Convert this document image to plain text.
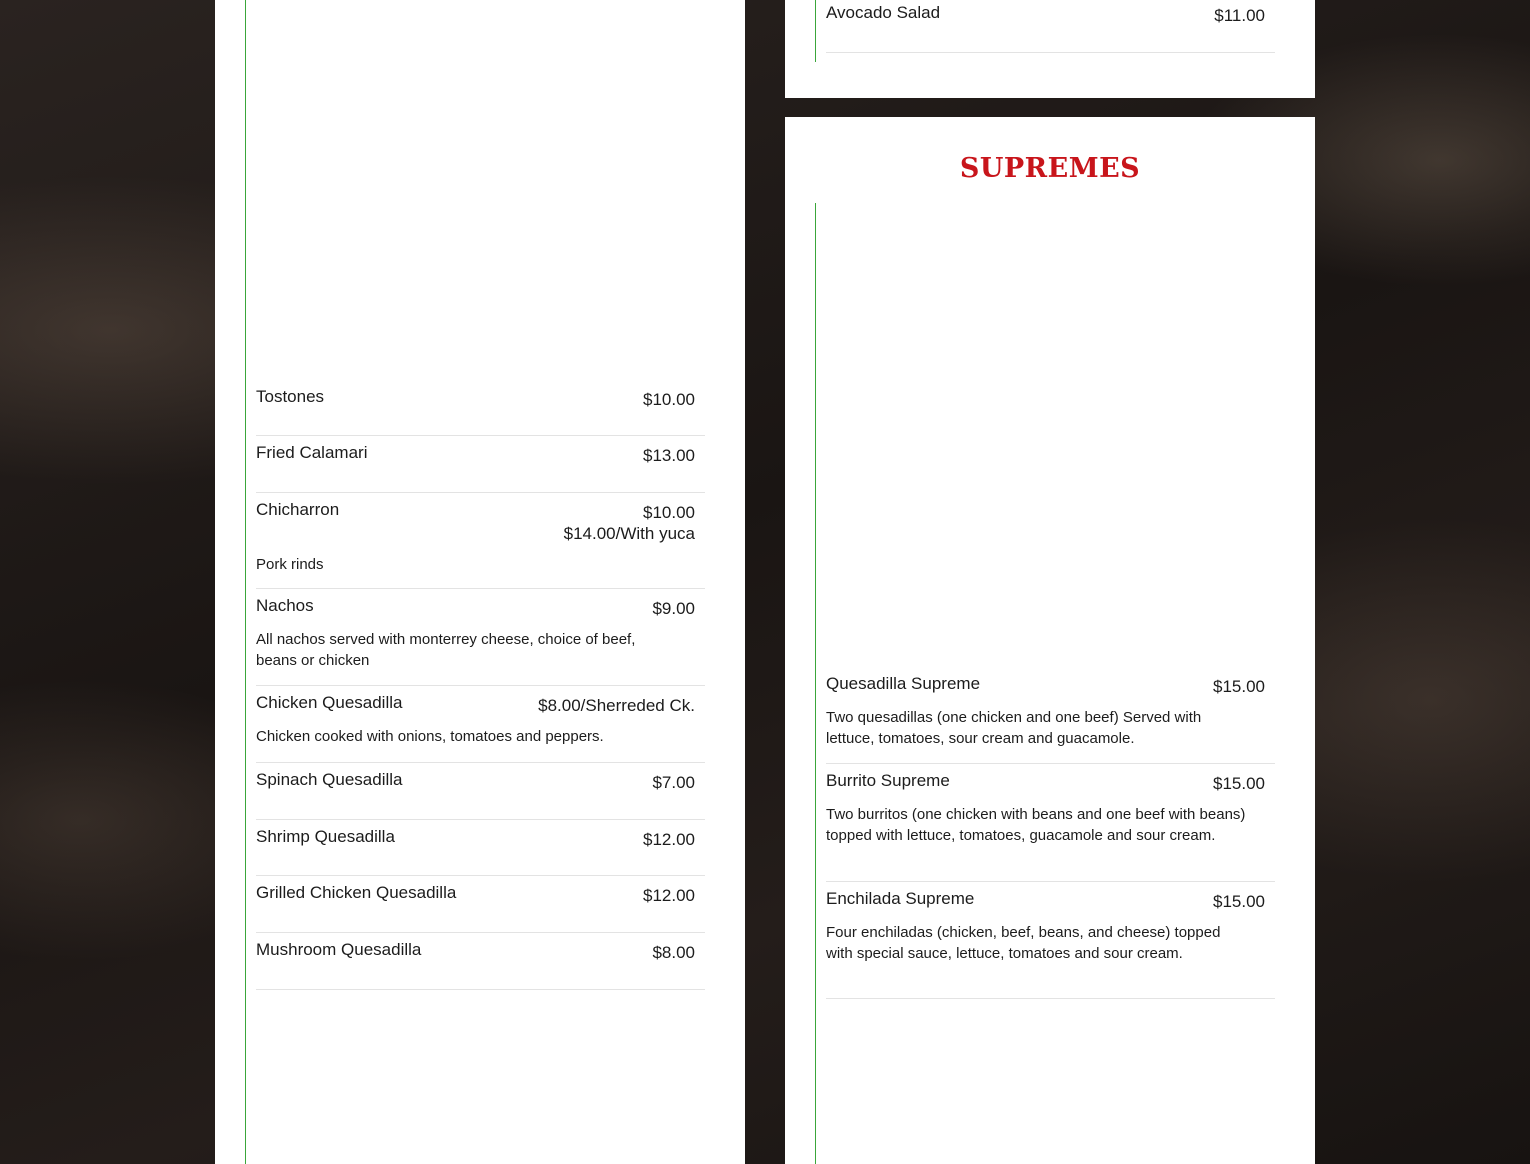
Tostones	$10.00
Fried Calamari	$13.00
Chicharron	$10.00
$14.00/With yuca
Pork rinds
Nachos	$9.00
All nachos served with monterrey cheese, choice of beef, beans or chicken
Chicken Quesadilla	$8.00/Sherreded Ck.
Chicken cooked with onions, tomatoes and peppers.
Spinach Quesadilla	$7.00
Shrimp Quesadilla	$12.00
Grilled Chicken Quesadilla	$12.00
Mushroom Quesadilla	$8.00
Avocado Salad	$11.00
SUPREMES
Quesadilla Supreme	$15.00
Two quesadillas (one chicken and one beef) Served with lettuce, tomatoes, sour cream and guacamole.
Burrito Supreme	$15.00
Two burritos (one chicken with beans and one beef with beans) topped with lettuce, tomatoes, guacamole and sour cream.
Enchilada Supreme	$15.00
Four enchiladas (chicken, beef, beans, and cheese) topped with special sauce, lettuce, tomatoes and sour cream.
